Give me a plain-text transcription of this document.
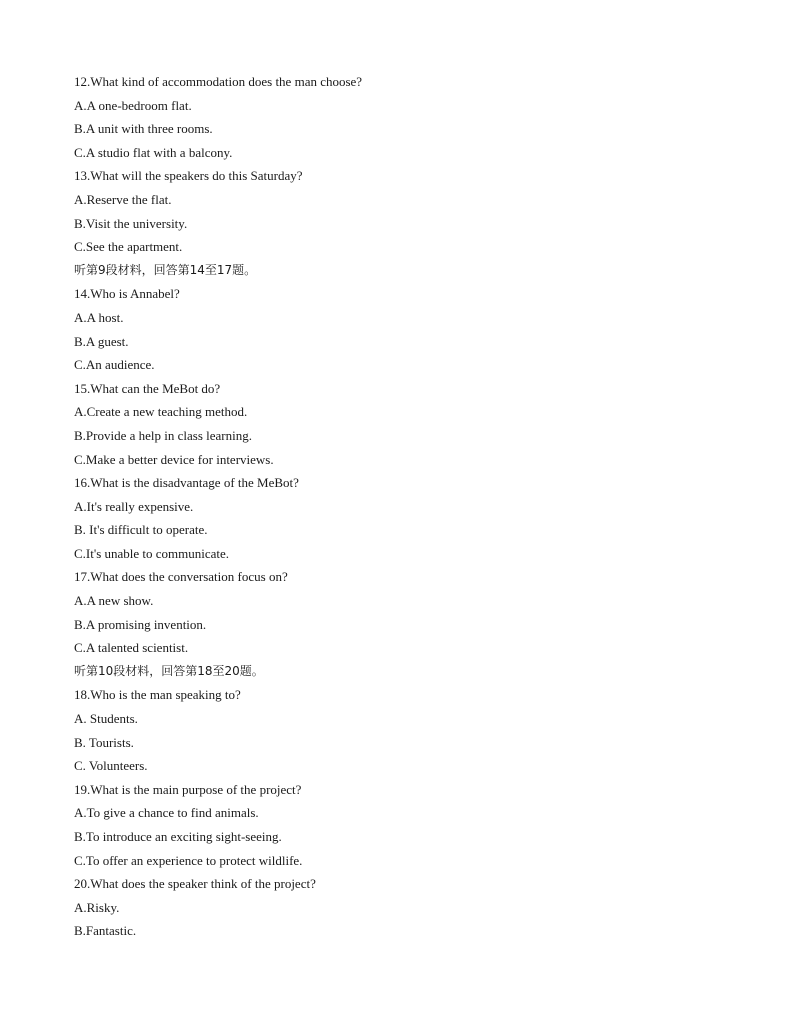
12.What kind of accommodation does the man choose?
A.A one-bedroom flat.
B.A unit with three rooms.
C.A studio flat with a balcony.
13.What will the speakers do this Saturday?
A.Reserve the flat.
B.Visit the university.
C.See the apartment.
听第9段材料，回答第14至17题。
14.Who is Annabel?
A.A host.
B.A guest.
C.An audience.
15.What can the MeBot do?
A.Create a new teaching method.
B.Provide a help in class learning.
C.Make a better device for interviews.
16.What is the disadvantage of the MeBot?
A.It's really expensive.
B. It's difficult to operate.
C.It's unable to communicate.
17.What does the conversation focus on?
A.A new show.
B.A promising invention.
C.A talented scientist.
听第10段材料，回答第18至20题。
18.Who is the man speaking to?
A. Students.
B. Tourists.
C. Volunteers.
19.What is the main purpose of the project?
A.To give a chance to find animals.
B.To introduce an exciting sight-seeing.
C.To offer an experience to protect wildlife.
20.What does the speaker think of the project?
A.Risky.
B.Fantastic.
